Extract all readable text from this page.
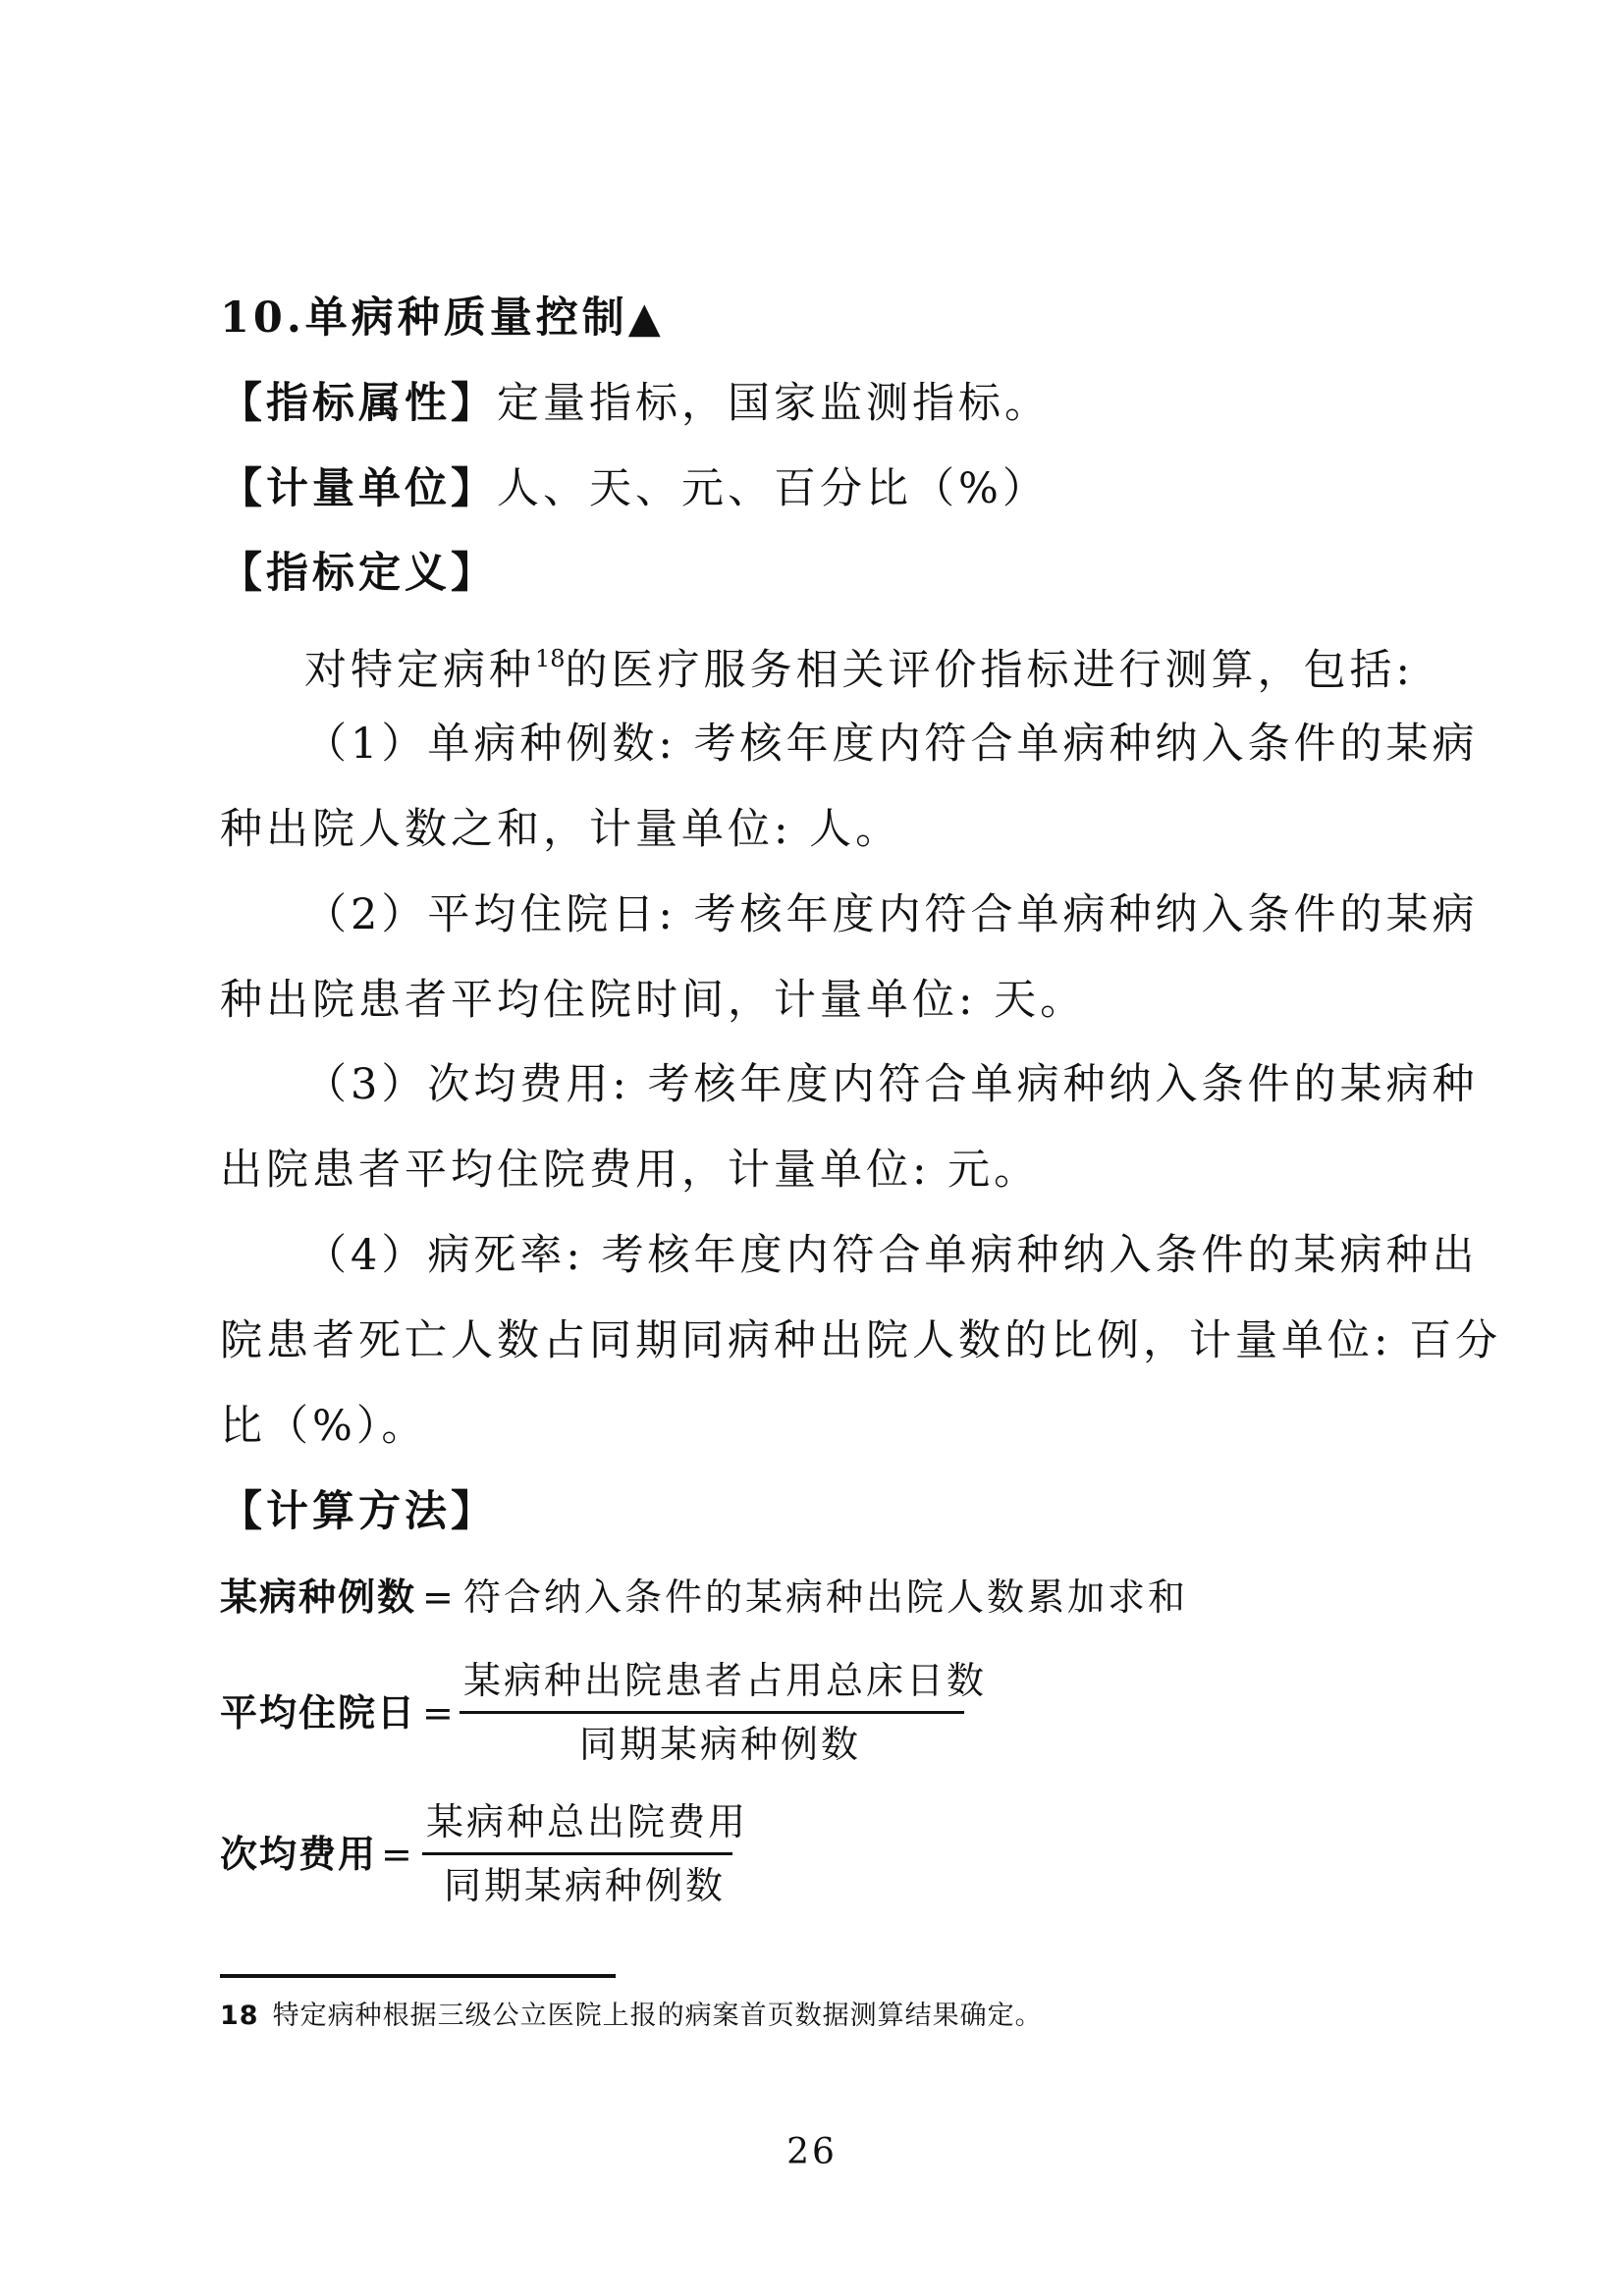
10.单病种质量控制▲
【指标属性】定量指标，国家监测指标。
【计量单位】人、天、元、百分比（%）
【指标定义】
对特定病种$^{18}$的医疗服务相关评价指标进行测算，包括:
（1）单病种例数: 考核年度内符合单病种纳入条件的某病
种出院人数之和，计量单位: 人。
（2）平均住院日: 考核年度内符合单病种纳入条件的某病
种出院患者平均住院时间，计量单位: 天。
（3）次均费用: 考核年度内符合单病种纳入条件的某病种
出院患者平均住院费用，计量单位: 元。
（4）病死率: 考核年度内符合单病种纳入条件的某病种出
院患者死亡人数占同期同病种出院人数的比例，计量单位: 百分
比（%）。
【计算方法】
某病种例数 = 符合纳入条件的某病种出院人数累加求和
平均住院日 =
某病种出院患者占用总床日数
同期某病种例数
次均费用 =
某病种总出院费用
同期某病种例数
18 特定病种根据三级公立医院上报的病案首页数据测算结果确定。
26
